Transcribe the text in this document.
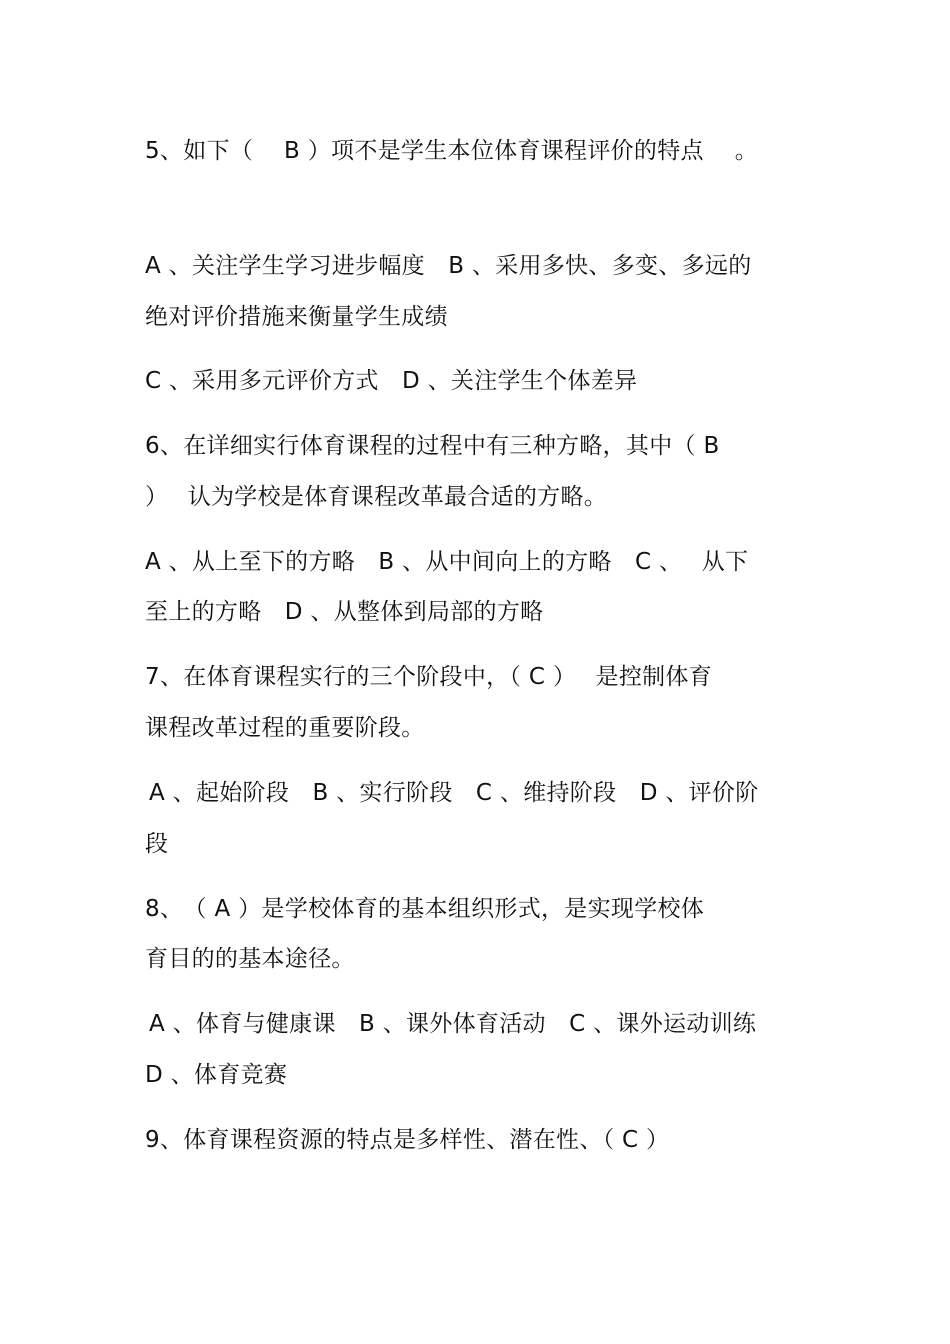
5、如下（　 B ）项不是学生本位体育课程评价的特点　 。
A 、关注学生学习进步幅度　B 、采用多快、多变、多远的
绝对评价措施来衡量学生成绩
C 、采用多元评价方式　D 、关注学生个体差异
6、在详细实行体育课程的过程中有三种方略，其中（ B
）　 认为学校是体育课程改革最合适的方略。
A 、从上至下的方略　B 、从中间向上的方略　C 、　 从下
至上的方略　D 、从整体到局部的方略
7、在体育课程实行的三个阶段中，（ C ）　 是控制体育
课程改革过程的重要阶段。
A 、起始阶段　B 、实行阶段　C 、维持阶段　D 、评价阶
段
8、　（ A ）是学校体育的基本组织形式，是实现学校体
育目的的基本途径。
A 、体育与健康课　B 、课外体育活动　C 、课外运动训练
D 、体育竞赛
9、体育课程资源的特点是多样性、潜在性、（ C ）
